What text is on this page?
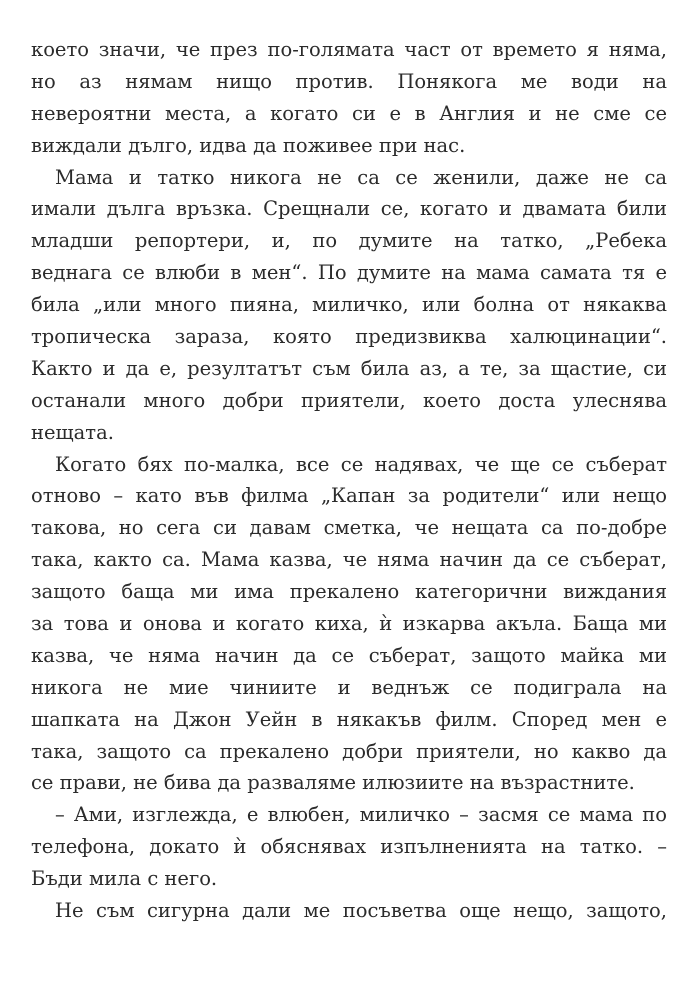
което значи, че през по-голямата част от времето я няма,
но аз нямам нищо против. Понякога ме води на
невероятни места, а когато си е в Англия и не сме се
виждали дълго, идва да поживее при нас.
Мама и татко никога не са се женили, даже не са
имали дълга връзка. Срещнали се, когато и двамата били
младши репортери, и, по думите на татко, „Ребека
веднага се влюби в мен“. По думите на мама самата тя е
била „или много пияна, миличко, или болна от някаква
тропическа зараза, която предизвиква халюцинации“.
Както и да е, резултатът съм била аз, а те, за щастие, си
останали много добри приятели, което доста улеснява
нещата.
Когато бях по-малка, все се надявах, че ще се съберат
отново – като във филма „Капан за родители“ или нещо
такова, но сега си давам сметка, че нещата са по-добре
така, както са. Мама казва, че няма начин да се съберат,
защото баща ми има прекалено категорични виждания
за това и онова и когато киха, ѝ изкарва акъла. Баща ми
казва, че няма начин да се съберат, защото майка ми
никога не мие чиниите и веднъж се подиграла на
шапката на Джон Уейн в някакъв филм. Според мен е
така, защото са прекалено добри приятели, но какво да
се прави, не бива да разваляме илюзиите на възрастните.
– Ами, изглежда, е влюбен, миличко – засмя се мама по
телефона, докато ѝ обяснявах изпълненията на татко. –
Бъди мила с него.
Не съм сигурна дали ме посъветва още нещо, защото,
